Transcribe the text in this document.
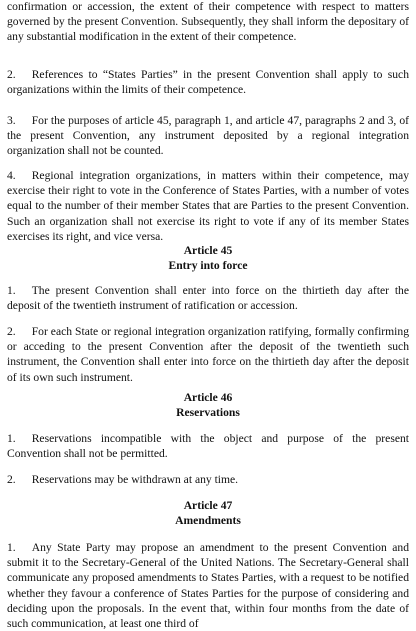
confirmation or accession, the extent of their competence with respect to matters governed by the present Convention. Subsequently, they shall inform the depositary of any substantial modification in the extent of their competence.

2. References to “States Parties” in the present Convention shall apply to such organizations within the limits of their competence.

3. For the purposes of article 45, paragraph 1, and article 47, paragraphs 2 and 3, of the present Convention, any instrument deposited by a regional integration organization shall not be counted.

4. Regional integration organizations, in matters within their competence, may exercise their right to vote in the Conference of States Parties, with a number of votes equal to the number of their member States that are Parties to the present Convention. Such an organization shall not exercise its right to vote if any of its member States exercises its right, and vice versa.

Article 45
Entry into force

1. The present Convention shall enter into force on the thirtieth day after the deposit of the twentieth instrument of ratification or accession.

2. For each State or regional integration organization ratifying, formally confirming or acceding to the present Convention after the deposit of the twentieth such instrument, the Convention shall enter into force on the thirtieth day after the deposit of its own such instrument.

Article 46
Reservations

1. Reservations incompatible with the object and purpose of the present Convention shall not be permitted.

2. Reservations may be withdrawn at any time.

Article 47
Amendments

1. Any State Party may propose an amendment to the present Convention and submit it to the Secretary-General of the United Nations. The Secretary-General shall communicate any proposed amendments to States Parties, with a request to be notified whether they favour a conference of States Parties for the purpose of considering and deciding upon the proposals. In the event that, within four months from the date of such communication, at least one third of
